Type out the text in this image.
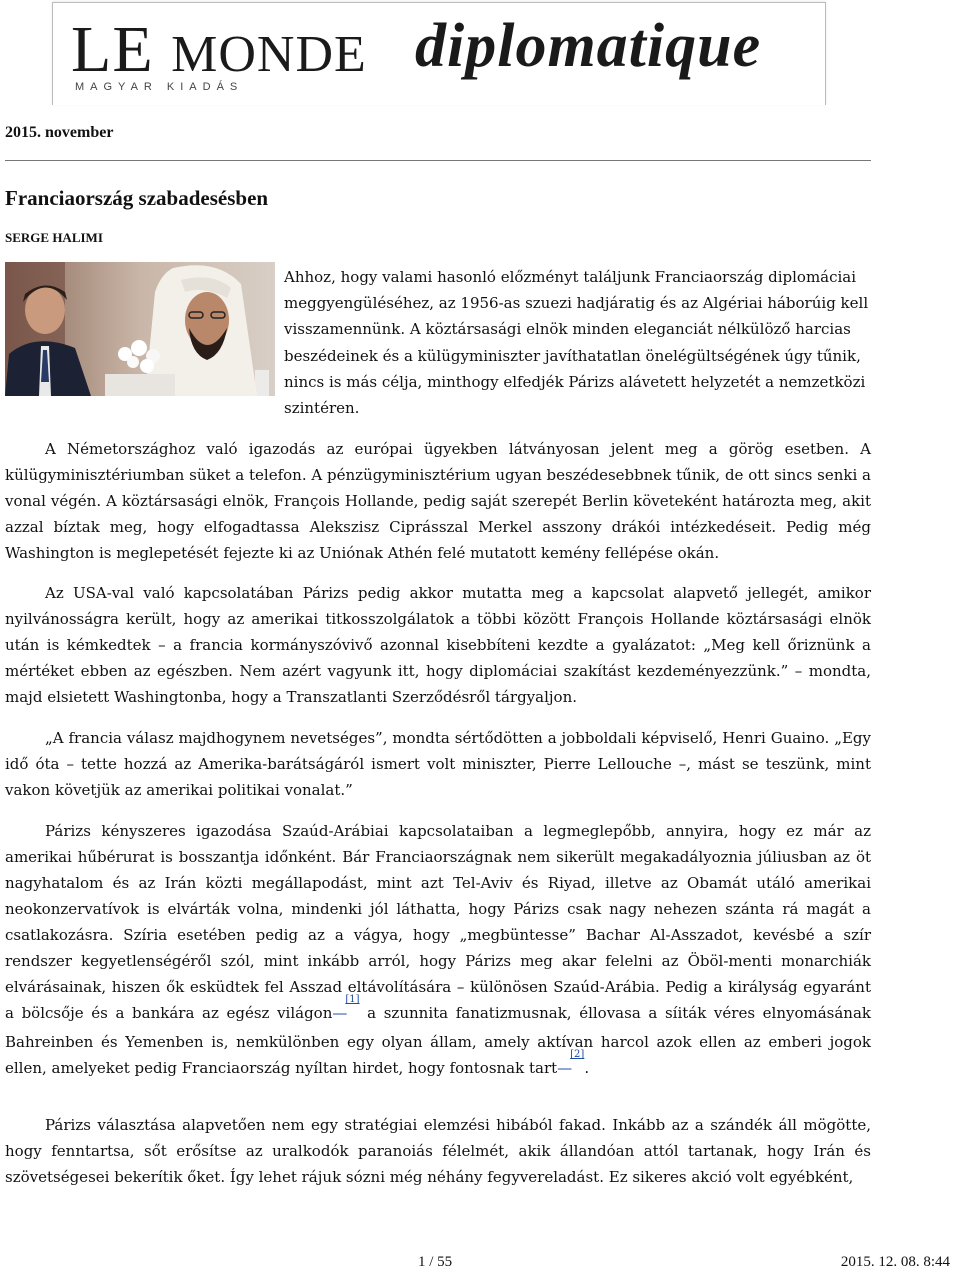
LE MONDE diplomatique
MAGYAR KIADÁS
2015. november
Franciaország szabadesésben
SERGE HALIMI

Ahhoz, hogy valami hasonló előzményt találjunk Franciaország diplomáciai meggyengüléséhez, az 1956-as szuezi hadjáratig és az Algériai háborúig kell visszamennünk. A köztársasági elnök minden eleganciát nélkülöző harcias beszédeinek és a külügyminiszter javíthatatlan önelégültségének úgy tűnik, nincs is más célja, minthogy elfedjék Párizs alávetett helyzetét a nemzetközi szintéren.

A Németországhoz való igazodás az európai ügyekben látványosan jelent meg a görög esetben. A külügyminisztériumban süket a telefon. A pénzügyminisztérium ugyan beszédesebbnek tűnik, de ott sincs senki a vonal végén. A köztársasági elnök, François Hollande, pedig saját szerepét Berlin követeként határozta meg, akit azzal bíztak meg, hogy elfogadtassa Alekszisz Ciprásszal Merkel asszony drákói intézkedéseit. Pedig még Washington is meglepetését fejezte ki az Uniónak Athén felé mutatott kemény fellépése okán.

Az USA-val való kapcsolatában Párizs pedig akkor mutatta meg a kapcsolat alapvető jellegét, amikor nyilvánosságra került, hogy az amerikai titkosszolgálatok a többi között François Hollande köztársasági elnök után is kémkedtek – a francia kormányszóvivő azonnal kisebbíteni kezdte a gyalázatot: „Meg kell őriznünk a mértéket ebben az egészben. Nem azért vagyunk itt, hogy diplomáciai szakítást kezdeményezzünk.” – mondta, majd elsietett Washingtonba, hogy a Transzatlanti Szerződésről tárgyaljon.

„A francia válasz majdhogynem nevetséges”, mondta sértődötten a jobboldali képviselő, Henri Guaino. „Egy idő óta – tette hozzá az Amerika-barátságáról ismert volt miniszter, Pierre Lellouche –, mást se teszünk, mint vakon követjük az amerikai politikai vonalat.”

Párizs kényszeres igazodása Szaúd-Arábiai kapcsolataiban a legmeglepőbb, annyira, hogy ez már az amerikai hűbérurat is bosszantja időnként. Bár Franciaországnak nem sikerült megakadályoznia júliusban az öt nagyhatalom és az Irán közti megállapodást, mint azt Tel-Aviv és Riyad, illetve az Obamát utáló amerikai neokonzervatívok is elvárták volna, mindenki jól láthatta, hogy Párizs csak nagy nehezen szánta rá magát a csatlakozásra. Szíria esetében pedig az a vágya, hogy „megbüntesse” Bachar Al-Asszadot, kevésbé a szír rendszer kegyetlenségéről szól, mint inkább arról, hogy Párizs meg akar felelni az Öböl-menti monarchiák elvárásainak, hiszen ők esküdtek fel Asszad eltávolítására – különösen Szaúd-Arábia. Pedig a királyság egyaránt a bölcsője és a bankára az egész világon—[1] a szunnita fanatizmusnak, éllovasa a síiták véres elnyomásának Bahreinben és Yemenben is, nemkülönben egy olyan állam, amely aktívan harcol azok ellen az emberi jogok ellen, amelyeket pedig Franciaország nyíltan hirdet, hogy fontosnak tart—[2].

Párizs választása alapvetően nem egy stratégiai elemzési hibából fakad. Inkább az a szándék áll mögötte, hogy fenntartsa, sőt erősítse az uralkodók paranoiás félelmét, akik állandóan attól tartanak, hogy Irán és szövetségesei bekerítik őket. Így lehet rájuk sózni még néhány fegyvereladást. Ez sikeres akció volt egyébként,

1 / 55	2015. 12. 08. 8:44
